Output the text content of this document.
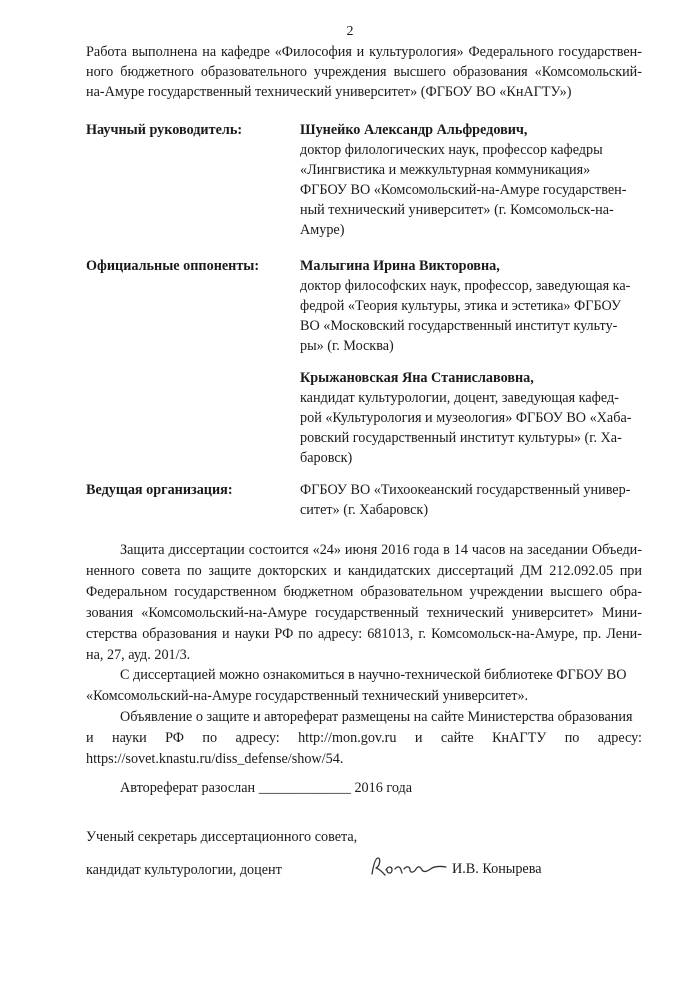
2
Работа выполнена на кафедре «Философия и культурология» Федерального государствен-
ного бюджетного образовательного учреждения высшего образования «Комсомольский-
на-Амуре государственный технический университет» (ФГБОУ ВО «КнАГТУ»)
Научный руководитель:	Шунейко Александр Альфредович,
доктор филологических наук, профессор кафедры
«Лингвистика и межкультурная коммуникация»
ФГБОУ ВО «Комсомольский-на-Амуре государствен-
ный технический университет» (г. Комсомольск-на-
Амуре)
Официальные оппоненты:	Малыгина Ирина Викторовна,
доктор философских наук, профессор, заведующая ка-
федрой «Теория культуры, этика и эстетика» ФГБОУ
ВО «Московский государственный институт культу-
ры» (г. Москва)
Крыжановская Яна Станиславовна,
кандидат культурологии, доцент, заведующая кафед-
рой «Культурология и музеология» ФГБОУ ВО «Хаба-
ровский государственный институт культуры» (г. Ха-
баровск)
Ведущая организация:	ФГБОУ ВО «Тихоокеанский государственный универ-
ситет» (г. Хабаровск)
Защита диссертации состоится «24» июня 2016 года в 14 часов на заседании Объеди-
ненного совета по защите докторских и кандидатских диссертаций ДМ 212.092.05 при
Федеральном государственном бюджетном образовательном учреждении высшего обра-
зования «Комсомольский-на-Амуре государственный технический университет» Мини-
стерства образования и науки РФ по адресу: 681013, г. Комсомольск-на-Амуре, пр. Лени-
на, 27, ауд. 201/3.
С диссертацией можно ознакомиться в научно-технической библиотеке ФГБОУ ВО
«Комсомольский-на-Амуре государственный технический университет».
Объявление о защите и автореферат размещены на сайте Министерства образования
и науки РФ по адресу: http://mon.gov.ru и сайте КнАГТУ по адресу:
https://sovet.knastu.ru/diss_defense/show/54.
Автореферат разослан _____________ 2016 года
Ученый секретарь диссертационного совета,
кандидат культурологии, доцент	И.В. Конырева
